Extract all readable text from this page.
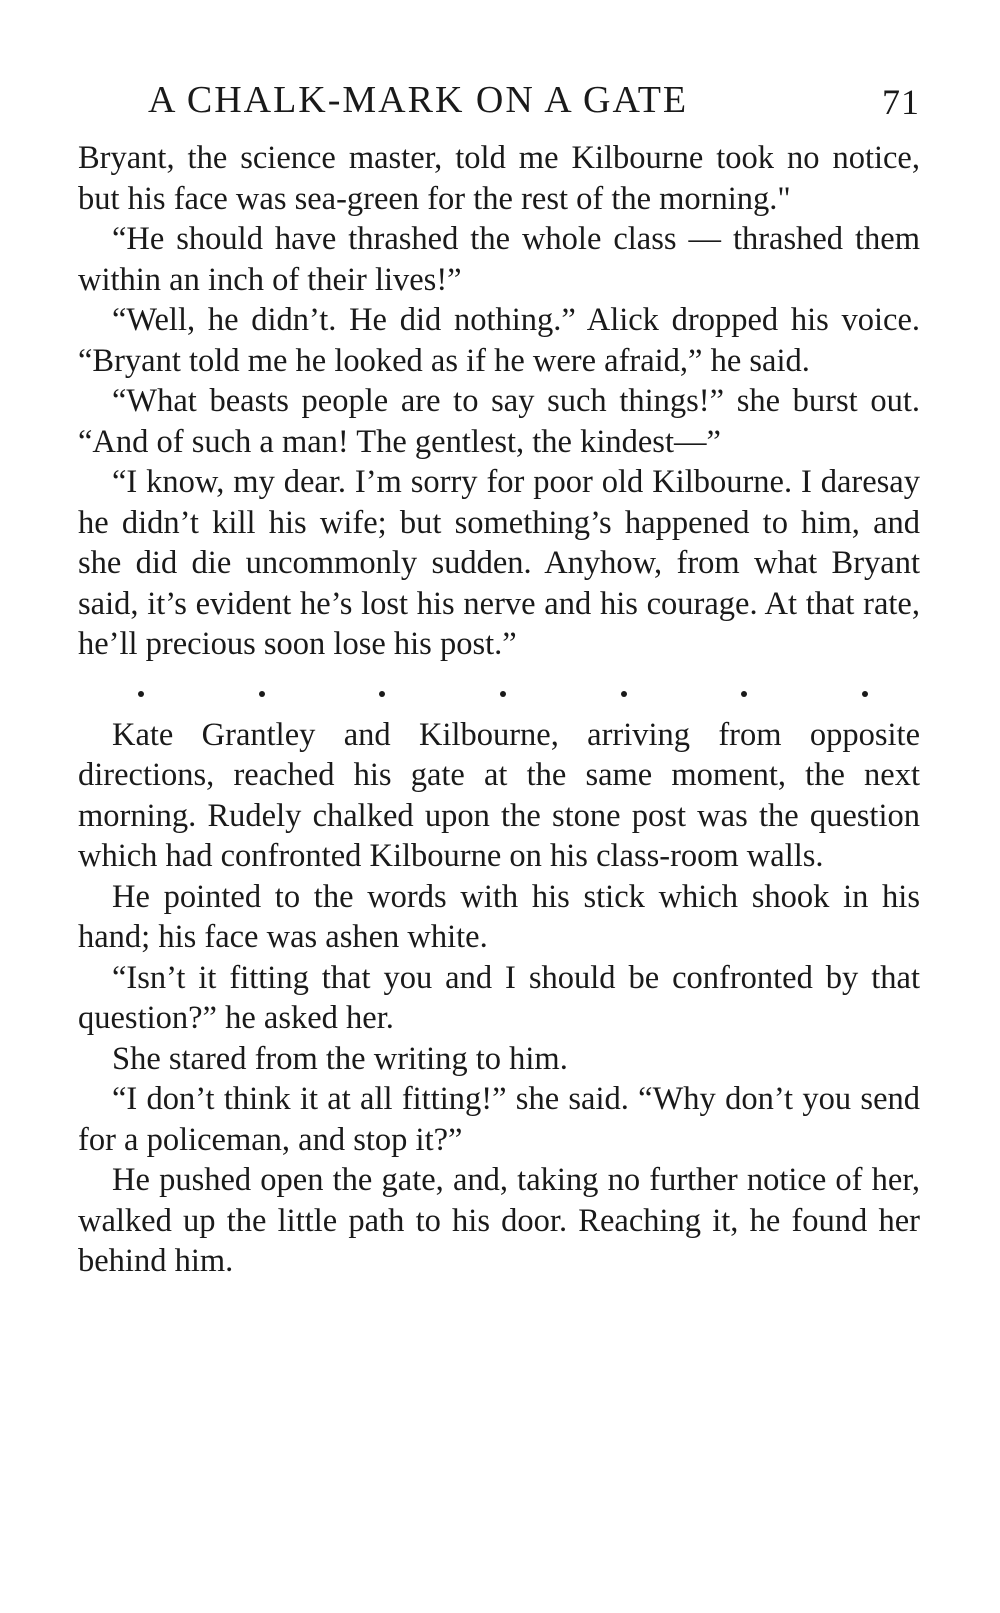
A CHALK-MARK ON A GATE	71

Bryant, the science master, told me Kilbourne took no notice, but his face was sea-green for the rest of the morning."

“He should have thrashed the whole class — thrashed them within an inch of their lives!”

“Well, he didn’t. He did nothing.” Alick dropped his voice. “Bryant told me he looked as if he were afraid,” he said.

“What beasts people are to say such things!” she burst out. “And of such a man! The gentlest, the kindest—”

“I know, my dear. I’m sorry for poor old Kilbourne. I daresay he didn’t kill his wife; but something’s happened to him, and she did die uncommonly sudden. Anyhow, from what Bryant said, it’s evident he’s lost his nerve and his courage. At that rate, he’ll precious soon lose his post.”

Kate Grantley and Kilbourne, arriving from opposite directions, reached his gate at the same moment, the next morning. Rudely chalked upon the stone post was the question which had confronted Kilbourne on his class-room walls.

He pointed to the words with his stick which shook in his hand; his face was ashen white.

“Isn’t it fitting that you and I should be confronted by that question?” he asked her.

She stared from the writing to him.

“I don’t think it at all fitting!” she said. “Why don’t you send for a policeman, and stop it?”

He pushed open the gate, and, taking no further notice of her, walked up the little path to his door. Reaching it, he found her behind him.
